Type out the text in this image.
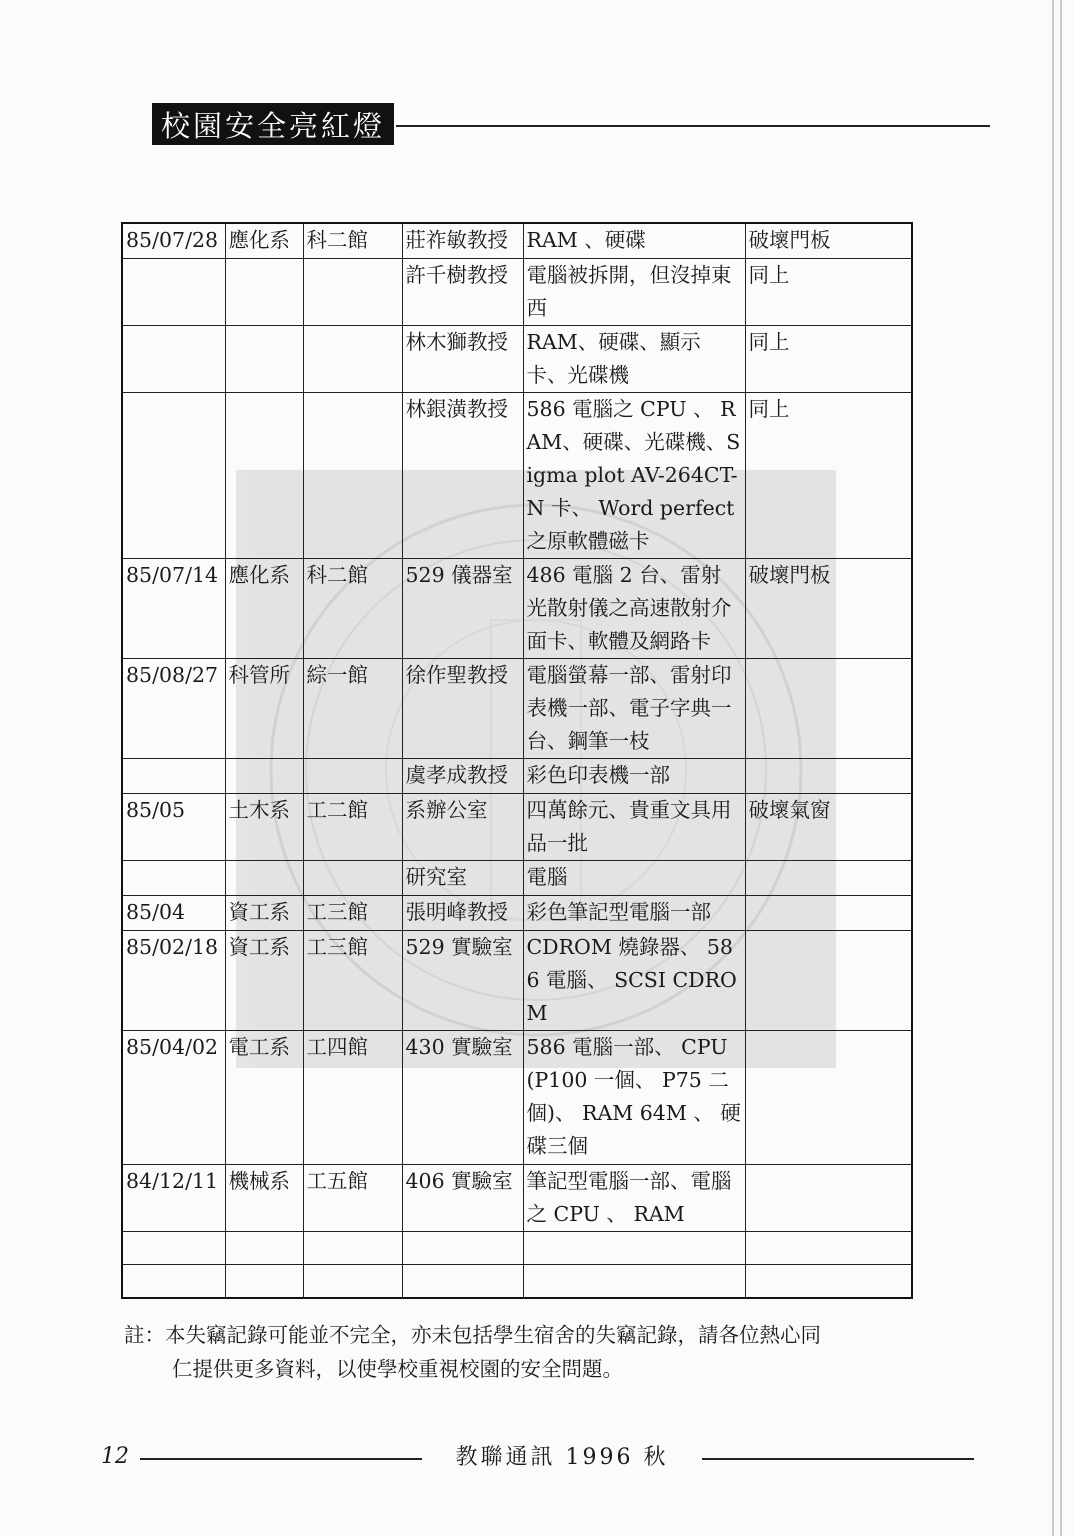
校園安全亮紅燈
85/07/28	應化系	科二館	莊祚敏教授	RAM 、硬碟	破壞門板
			許千樹教授	電腦被拆開，但沒掉東西	同上
			林木獅教授	RAM、硬碟、顯示卡、光碟機	同上
			林銀潢教授	586 電腦之 CPU 、 RAM、硬碟、光碟機、Sigma plot AV-264CT-N 卡、 Word perfect 之原軟體磁卡	同上
85/07/14	應化系	科二館	529 儀器室	486 電腦 2 台、雷射光散射儀之高速散射介面卡、軟體及網路卡	破壞門板
85/08/27	科管所	綜一館	徐作聖教授	電腦螢幕一部、雷射印表機一部、電子字典一台、鋼筆一枝	
			虞孝成教授	彩色印表機一部	
85/05	土木系	工二館	系辦公室	四萬餘元、貴重文具用品一批	破壞氣窗
			研究室	電腦	
85/04	資工系	工三館	張明峰教授	彩色筆記型電腦一部	
85/02/18	資工系	工三館	529 實驗室	CDROM 燒錄器、 586 電腦、 SCSI CDROM	
85/04/02	電工系	工四館	430 實驗室	586 電腦一部、 CPU(P100 一個、 P75 二個)、 RAM 64M 、 硬碟三個	
84/12/11	機械系	工五館	406 實驗室	筆記型電腦一部、電腦之 CPU 、 RAM	

註：本失竊記錄可能並不完全，亦未包括學生宿舍的失竊記錄，請各位熱心同
仁提供更多資料，以使學校重視校園的安全問題。
12	教聯通訊 1996 秋
